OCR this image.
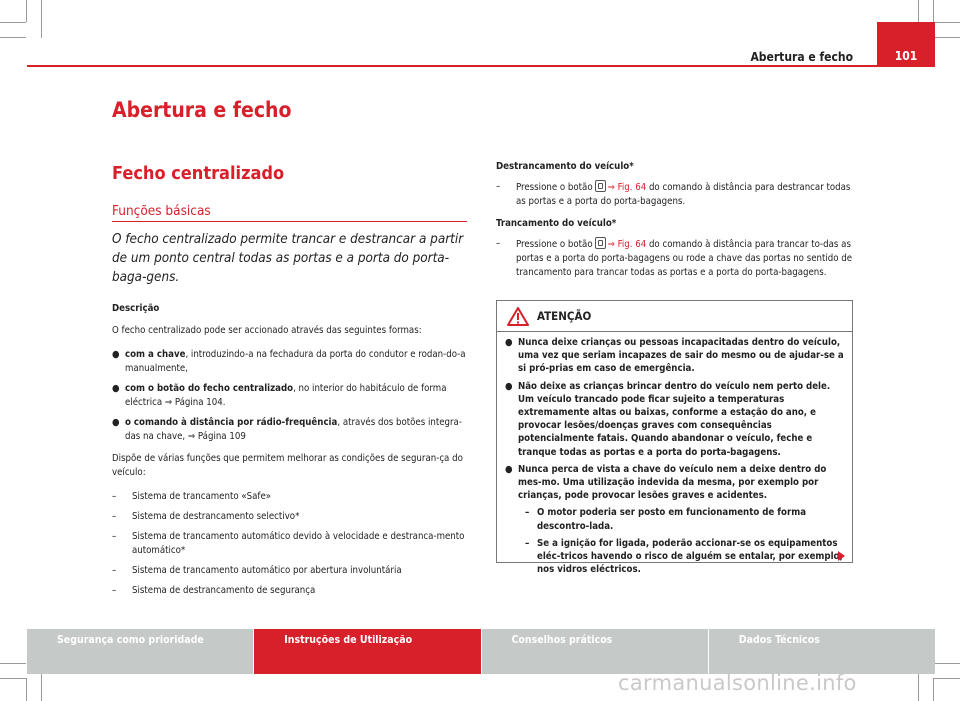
Abertura e fecho	101
Abertura e fecho
Fecho centralizado
Funções básicas

O fecho centralizado permite trancar e destrancar a partir de um ponto central todas as portas e a porta do porta-baga-gens.

Descrição

O fecho centralizado pode ser accionado através das seguintes formas:

● com a chave, introduzindo-a na fechadura da porta do condutor e rodan-do-a manualmente,
● com o botão do fecho centralizado, no interior do habitáculo de forma eléctrica ⇒ Página 104.
● o comando à distância por rádio-frequência, através dos botões integra-das na chave, ⇒ Página 109

Dispõe de várias funções que permitem melhorar as condições de seguran-ça do veículo:

–	Sistema de trancamento «Safe»
–	Sistema de destrancamento selectivo*
–	Sistema de trancamento automático devido à velocidade e destranca-mento automático*
–	Sistema de trancamento automático por abertura involuntária
–	Sistema de destrancamento de segurança

Destrancamento do veículo*

–	Pressione o botão ⇒ Fig. 64 do comando à distância para destrancar todas as portas e a porta do porta-bagagens.

Trancamento do veículo*

–	Pressione o botão ⇒ Fig. 64 do comando à distância para trancar to-das as portas e a porta do porta-bagagens ou rode a chave das portas no sentido de trancamento para trancar todas as portas e a porta do porta-bagagens.
ATENÇÃO
● Nunca deixe crianças ou pessoas incapacitadas dentro do veículo, uma vez que seriam incapazes de sair do mesmo ou de ajudar-se a si pró-prias em caso de emergência.
● Não deixe as crianças brincar dentro do veículo nem perto dele. Um veículo trancado pode ficar sujeito a temperaturas extremamente altas ou baixas, conforme a estação do ano, e provocar lesões/doenças graves com consequências potencialmente fatais. Quando abandonar o veículo, feche e tranque todas as portas e a porta do porta-bagagens.
● Nunca perca de vista a chave do veículo nem a deixe dentro do mes-mo. Uma utilização indevida da mesma, por exemplo por crianças, pode provocar lesões graves e acidentes.
– O motor poderia ser posto em funcionamento de forma descontro-lada.
– Se a ignição for ligada, poderão accionar-se os equipamentos eléc-tricos havendo o risco de alguém se entalar, por exemplo, nos vidros eléctricos.
Segurança como prioridade	Instruções de Utilização	Conselhos práticos	Dados Técnicos
carmanualsonline.info
